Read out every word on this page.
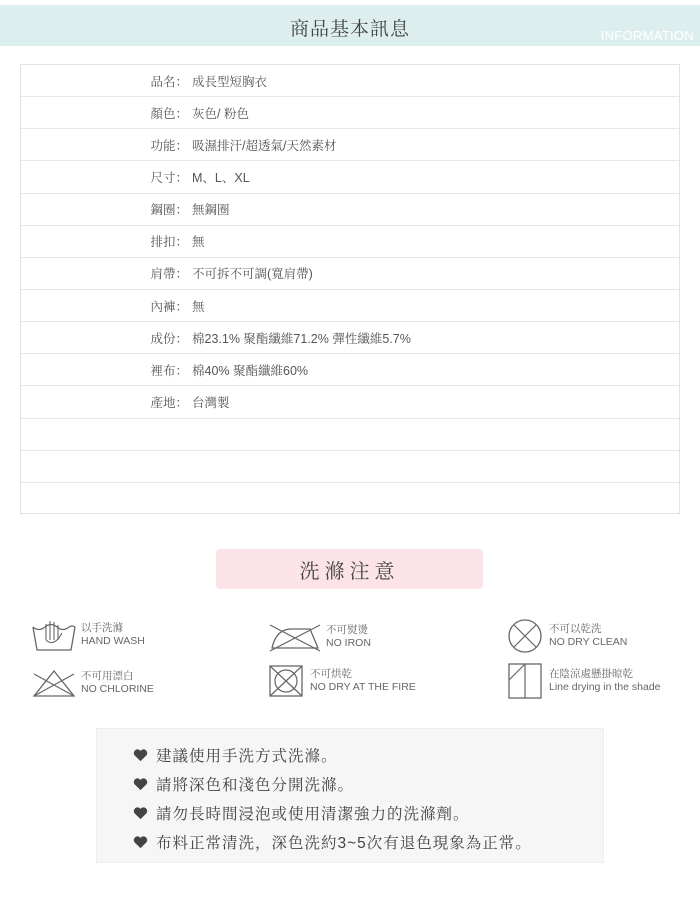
商品基本訊息	INFORMATION
品名： 成長型短胸衣
顏色： 灰色/ 粉色
功能： 吸濕排汗/超透氣/天然素材
尺寸： M、L、XL
鋼圈： 無鋼圈
排扣： 無
肩帶： 不可拆不可調(寬肩帶)
內褲： 無
成份： 棉23.1% 聚酯纖維71.2% 彈性纖維5.7%
裡布： 棉40% 聚酯纖維60%
產地： 台灣製
洗滌注意
以手洗滌
HAND WASH
不可熨燙
NO IRON
不可以乾洗
NO DRY CLEAN
不可用漂白
NO CHLORINE
不可烘乾
NO DRY AT THE FIRE
在陰涼處懸掛晾乾
Line drying in the shade
建議使用手洗方式洗滌。
請將深色和淺色分開洗滌。
請勿長時間浸泡或使用清潔強力的洗滌劑。
布料正常清洗，深色洗約3~5次有退色現象為正常。
